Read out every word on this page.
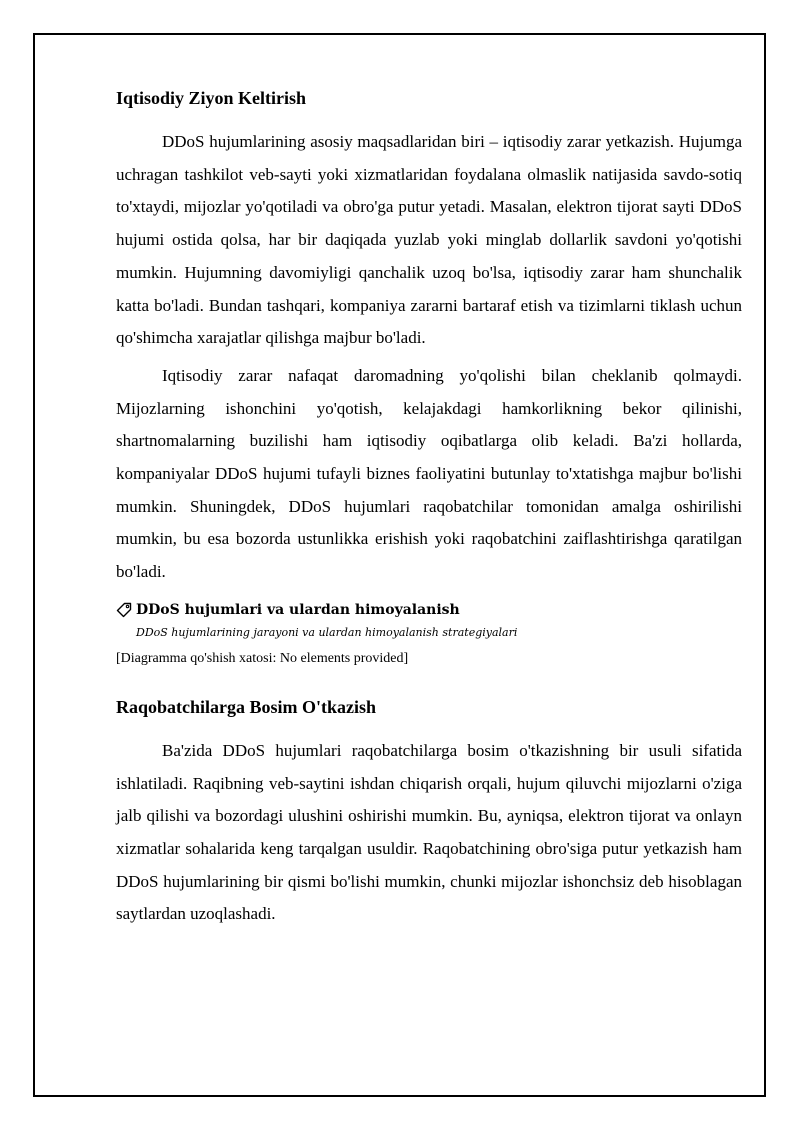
Iqtisodiy Ziyon Keltirish

DDoS hujumlarining asosiy maqsadlaridan biri – iqtisodiy zarar yetkazish. Hujumga uchragan tashkilot veb-sayti yoki xizmatlaridan foydalana olmaslik natijasida savdo-sotiq to'xtaydi, mijozlar yo'qotiladi va obro'ga putur yetadi. Masalan, elektron tijorat sayti DDoS hujumi ostida qolsa, har bir daqiqada yuzlab yoki minglab dollarlik savdoni yo'qotishi mumkin. Hujumning davomiyligi qanchalik uzoq bo'lsa, iqtisodiy zarar ham shunchalik katta bo'ladi. Bundan tashqari, kompaniya zararni bartaraf etish va tizimlarni tiklash uchun qo'shimcha xarajatlar qilishga majbur bo'ladi.

Iqtisodiy zarar nafaqat daromadning yo'qolishi bilan cheklanib qolmaydi. Mijozlarning ishonchini yo'qotish, kelajakdagi hamkorlikning bekor qilinishi, shartnomalarning buzilishi ham iqtisodiy oqibatlarga olib keladi. Ba'zi hollarda, kompaniyalar DDoS hujumi tufayli biznes faoliyatini butunlay to'xtatishga majbur bo'lishi mumkin. Shuningdek, DDoS hujumlari raqobatchilar tomonidan amalga oshirilishi mumkin, bu esa bozorda ustunlikka erishish yoki raqobatchini zaiflashtirishga qaratilgan bo'ladi.

DDoS hujumlari va ulardan himoyalanish
DDoS hujumlarining jarayoni va ulardan himoyalanish strategiyalari
[Diagramma qo'shish xatosi: No elements provided]
Raqobatchilarga Bosim O'tkazish

Ba'zida DDoS hujumlari raqobatchilarga bosim o'tkazishning bir usuli sifatida ishlatiladi. Raqibning veb-saytini ishdan chiqarish orqali, hujum qiluvchi mijozlarni o'ziga jalb qilishi va bozordagi ulushini oshirishi mumkin. Bu, ayniqsa, elektron tijorat va onlayn xizmatlar sohalarida keng tarqalgan usuldir. Raqobatchining obro'siga putur yetkazish ham DDoS hujumlarining bir qismi bo'lishi mumkin, chunki mijozlar ishonchsiz deb hisoblagan saytlardan uzoqlashadi.
